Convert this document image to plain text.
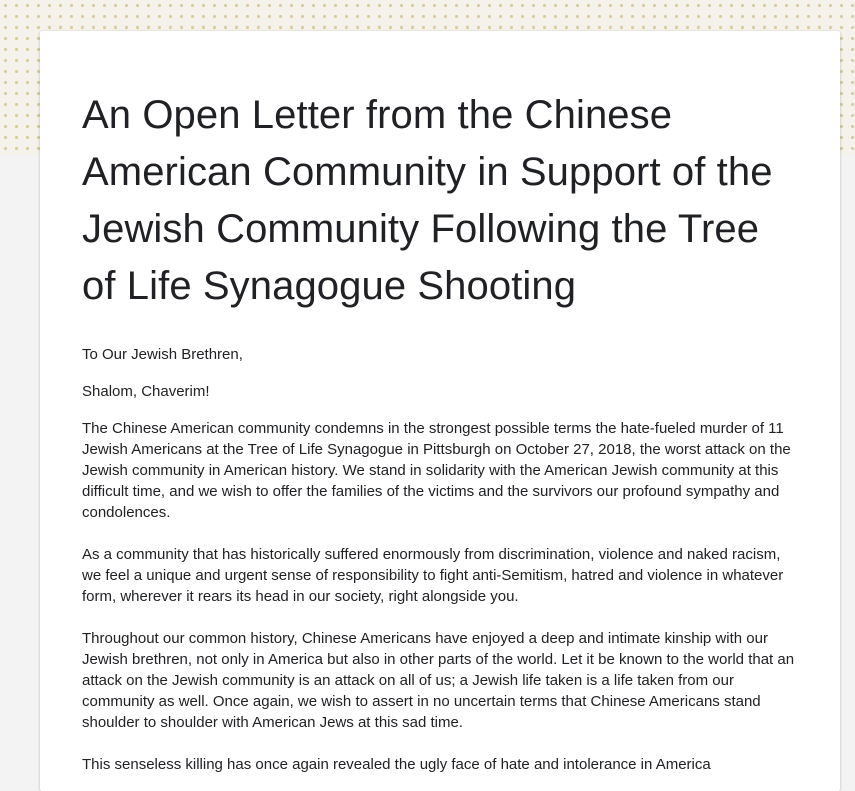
An Open Letter from the Chinese American Community in Support of the Jewish Community Following the Tree of Life Synagogue Shooting

To Our Jewish Brethren,

Shalom, Chaverim!

The Chinese American community condemns in the strongest possible terms the hate-fueled murder of 11 Jewish Americans at the Tree of Life Synagogue in Pittsburgh on October 27, 2018, the worst attack on the Jewish community in American history. We stand in solidarity with the American Jewish community at this difficult time, and we wish to offer the families of the victims and the survivors our profound sympathy and condolences.

As a community that has historically suffered enormously from discrimination, violence and naked racism, we feel a unique and urgent sense of responsibility to fight anti-Semitism, hatred and violence in whatever form, wherever it rears its head in our society, right alongside you.

Throughout our common history, Chinese Americans have enjoyed a deep and intimate kinship with our Jewish brethren, not only in America but also in other parts of the world. Let it be known to the world that an attack on the Jewish community is an attack on all of us; a Jewish life taken is a life taken from our community as well. Once again, we wish to assert in no uncertain terms that Chinese Americans stand shoulder to shoulder with American Jews at this sad time.

This senseless killing has once again revealed the ugly face of hate and intolerance in America
